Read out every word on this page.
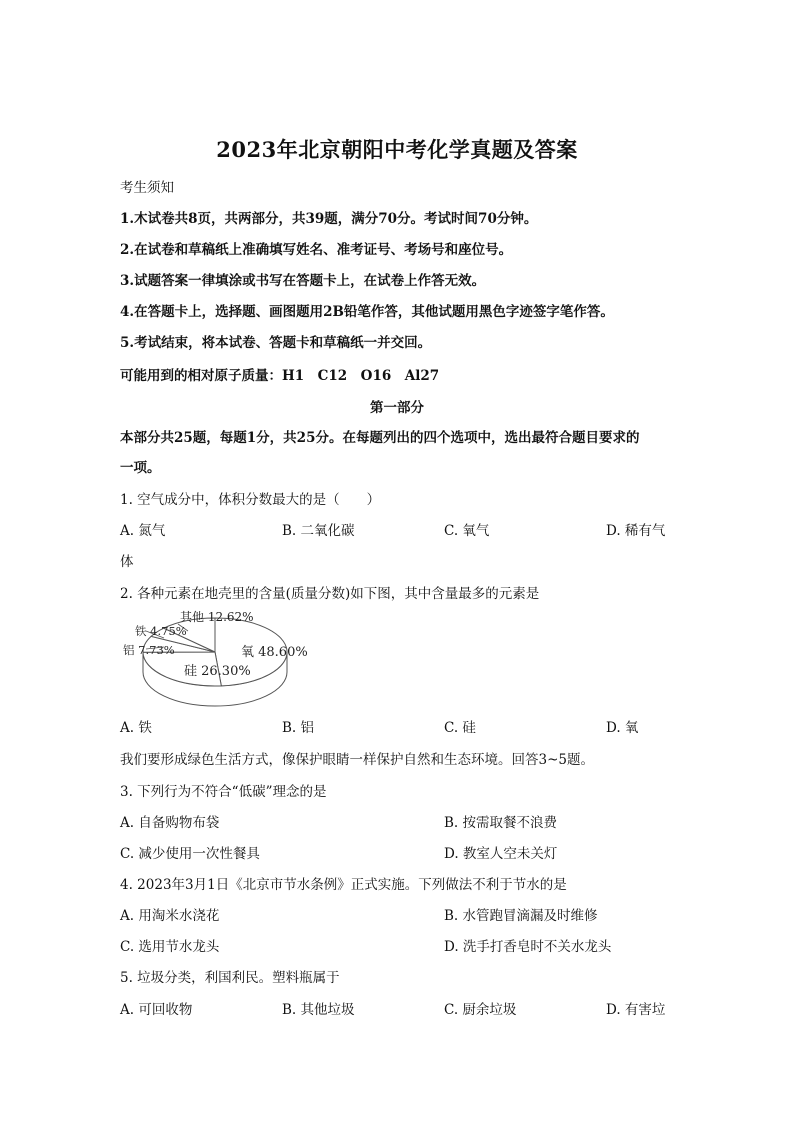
2023年北京朝阳中考化学真题及答案
考生须知
1.木试卷共8页，共两部分，共39题，满分70分。考试时间70分钟。
2.在试卷和草稿纸上准确填写姓名、准考证号、考场号和座位号。
3.试题答案一律填涂或书写在答题卡上，在试卷上作答无效。
4.在答题卡上，选择题、画图题用2B铅笔作答，其他试题用黑色字迹签字笔作答。
5.考试结束，将本试卷、答题卡和草稿纸一并交回。
可能用到的相对原子质量：H1　C12　O16　Al27
第一部分
本部分共25题，每题1分，共25分。在每题列出的四个选项中，选出最符合题目要求的
一项。
1. 空气成分中，体积分数最大的是（　　）
A. 氮气	B. 二氧化碳	C. 氧气	D. 稀有气
体
2. 各种元素在地壳里的含量(质量分数)如下图，其中含量最多的元素是
其他 12.62%
铁 4.75%
铝 7.73%
硅 26.30%
氧 48.60%
A. 铁	B. 铝	C. 硅	D. 氧
我们要形成绿色生活方式，像保护眼睛一样保护自然和生态环境。回答3~5题。
3. 下列行为不符合“低碳”理念的是
A. 自备购物布袋	B. 按需取餐不浪费
C. 减少使用一次性餐具	D. 教室人空未关灯
4. 2023年3月1日《北京市节水条例》正式实施。下列做法不利于节水的是
A. 用淘米水浇花	B. 水管跑冒滴漏及时维修
C. 选用节水龙头	D. 洗手打香皂时不关水龙头
5. 垃圾分类，利国利民。塑料瓶属于
A. 可回收物	B. 其他垃圾	C. 厨余垃圾	D. 有害垃
